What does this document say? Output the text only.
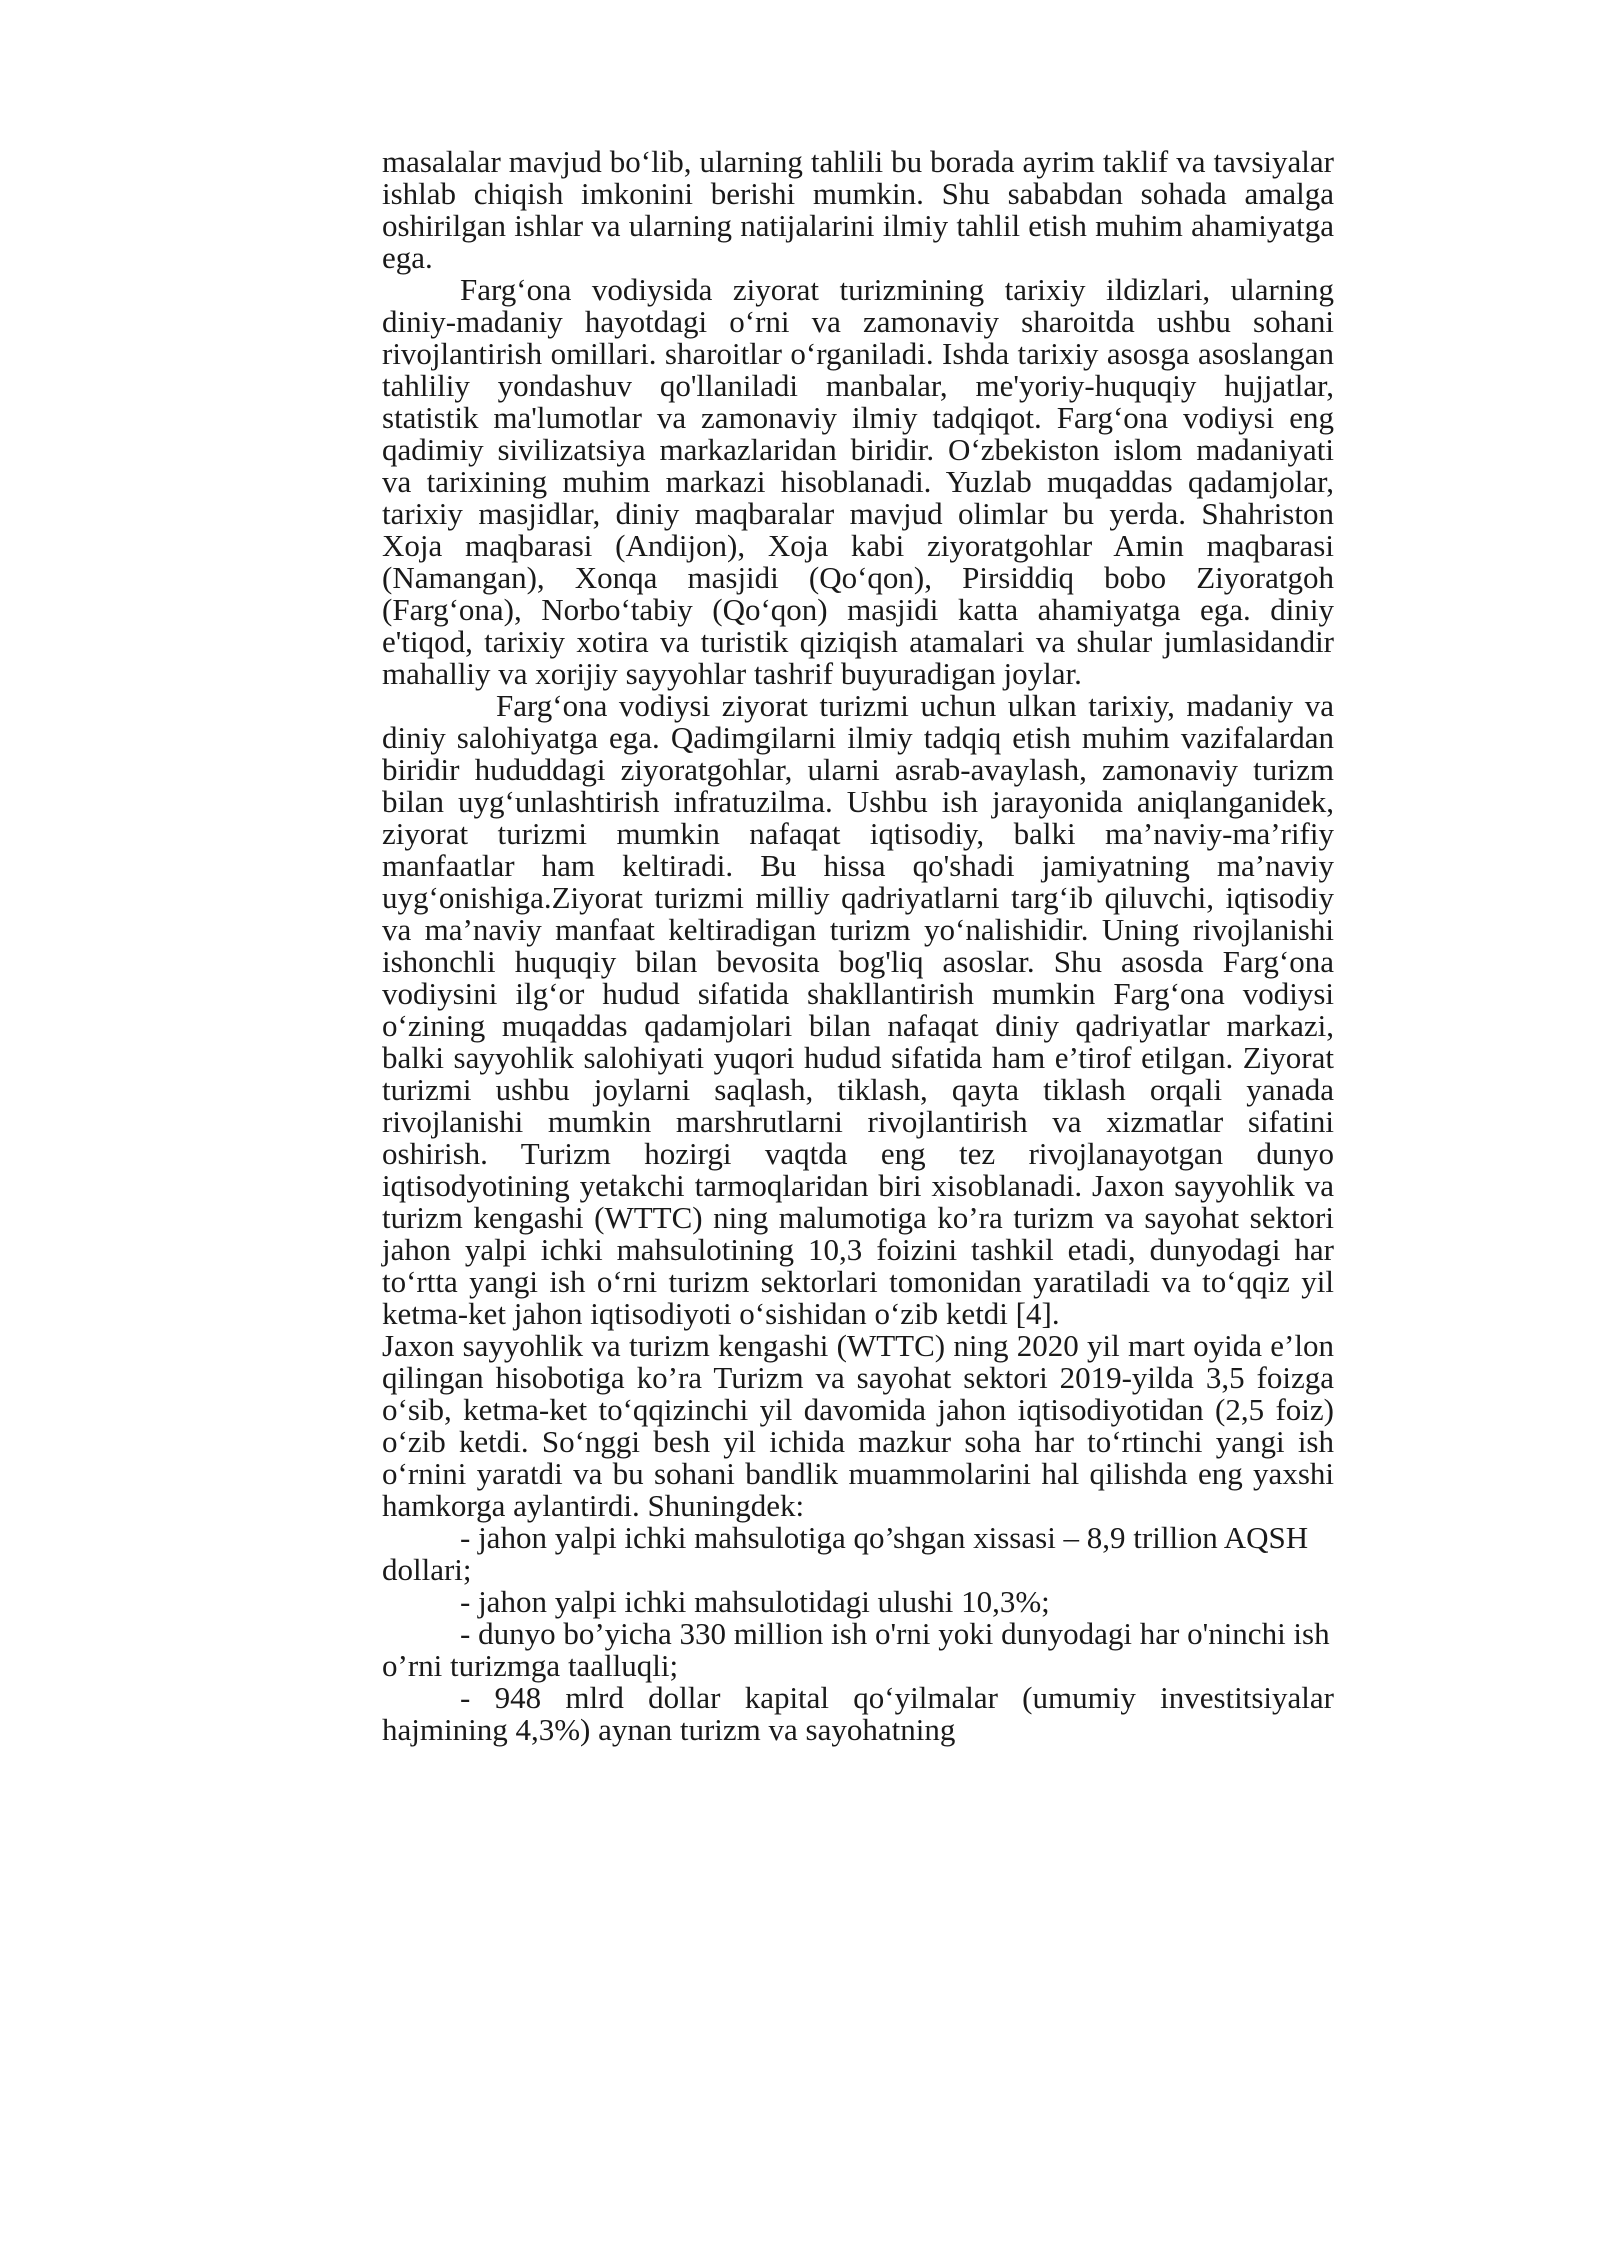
masalalar mavjud bo‘lib, ularning tahlili bu borada ayrim taklif va tavsiyalar ishlab chiqish imkonini berishi mumkin. Shu sababdan sohada amalga oshirilgan ishlar va ularning natijalarini ilmiy tahlil etish muhim ahamiyatga ega.

Farg‘ona vodiysida ziyorat turizmining tarixiy ildizlari, ularning diniy-madaniy hayotdagi o‘rni va zamonaviy sharoitda ushbu sohani rivojlantirish omillari. sharoitlar o‘rganiladi. Ishda tarixiy asosga asoslangan tahliliy yondashuv qo'llaniladi manbalar, me'yoriy-huquqiy hujjatlar, statistik ma'lumotlar va zamonaviy ilmiy tadqiqot. Farg‘ona vodiysi eng qadimiy sivilizatsiya markazlaridan biridir. O‘zbekiston islom madaniyati va tarixining muhim markazi hisoblanadi. Yuzlab muqaddas qadamjolar, tarixiy masjidlar, diniy maqbaralar mavjud olimlar bu yerda. Shahriston Xoja maqbarasi (Andijon), Xoja kabi ziyoratgohlar Amin maqbarasi (Namangan), Xonqa masjidi (Qo‘qon), Pirsiddiq bobo Ziyoratgoh (Farg‘ona), Norbo‘tabiy (Qo‘qon) masjidi katta ahamiyatga ega. diniy e'tiqod, tarixiy xotira va turistik qiziqish atamalari va shular jumlasidandir mahalliy va xorijiy sayyohlar tashrif buyuradigan joylar.

Farg‘ona vodiysi ziyorat turizmi uchun ulkan tarixiy, madaniy va diniy salohiyatga ega. Qadimgilarni ilmiy tadqiq etish muhim vazifalardan biridir hududdagi ziyoratgohlar, ularni asrab-avaylash, zamonaviy turizm bilan uyg‘unlashtirish infratuzilma. Ushbu ish jarayonida aniqlanganidek, ziyorat turizmi mumkin nafaqat iqtisodiy, balki ma’naviy-ma’rifiy manfaatlar ham keltiradi. Bu hissa qo'shadi jamiyatning ma’naviy uyg‘onishiga.Ziyorat turizmi milliy qadriyatlarni targ‘ib qiluvchi, iqtisodiy va ma’naviy manfaat keltiradigan turizm yo‘nalishidir. Uning rivojlanishi ishonchli huquqiy bilan bevosita bog'liq asoslar. Shu asosda Farg‘ona vodiysini ilg‘or hudud sifatida shakllantirish mumkin Farg‘ona vodiysi o‘zining muqaddas qadamjolari bilan nafaqat diniy qadriyatlar markazi, balki sayyohlik salohiyati yuqori hudud sifatida ham e’tirof etilgan. Ziyorat turizmi ushbu joylarni saqlash, tiklash, qayta tiklash orqali yanada rivojlanishi mumkin marshrutlarni rivojlantirish va xizmatlar sifatini oshirish. Turizm hozirgi vaqtda eng tez rivojlanayotgan dunyo iqtisodyotining yetakchi tarmoqlaridan biri xisoblanadi. Jaxon sayyohlik va turizm kengashi (WTTC) ning malumotiga ko’ra turizm va sayohat sektori jahon yalpi ichki mahsulotining 10,3 foizini tashkil etadi, dunyodagi har to‘rtta yangi ish o‘rni turizm sektorlari tomonidan yaratiladi va to‘qqiz yil ketma-ket jahon iqtisodiyoti o‘sishidan o‘zib ketdi [4].

Jaxon sayyohlik va turizm kengashi (WTTC) ning 2020 yil mart oyida e’lon qilingan hisobotiga ko’ra Turizm va sayohat sektori 2019-yilda 3,5 foizga o‘sib, ketma-ket to‘qqizinchi yil davomida jahon iqtisodiyotidan (2,5 foiz) o‘zib ketdi. So‘nggi besh yil ichida mazkur soha har to‘rtinchi yangi ish o‘rnini yaratdi va bu sohani bandlik muammolarini hal qilishda eng yaxshi hamkorga aylantirdi. Shuningdek:

- jahon yalpi ichki mahsulotiga qo’shgan xissasi – 8,9 trillion AQSH

dollari;

- jahon yalpi ichki mahsulotidagi ulushi 10,3%;

- dunyo bo’yicha 330 million ish o'rni yoki dunyodagi har o'ninchi ish

o’rni turizmga taalluqli;

- 948 mlrd dollar kapital qo‘yilmalar (umumiy investitsiyalar hajmining 4,3%) aynan turizm va sayohatning
